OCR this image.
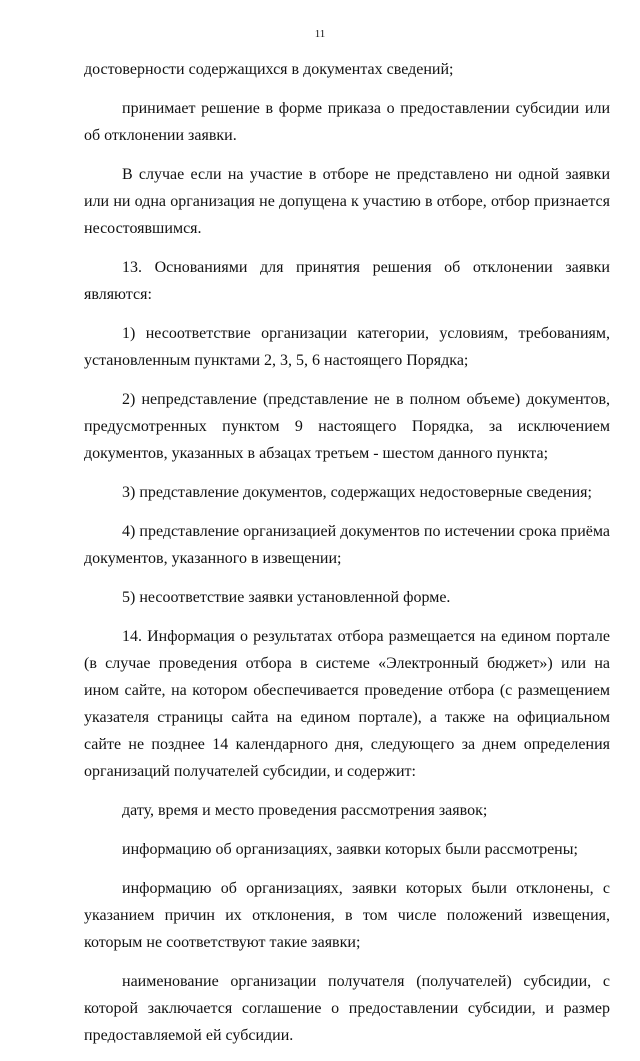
11

достоверности содержащихся в документах сведений;

принимает решение в форме приказа о предоставлении субсидии или об отклонении заявки.

В случае если на участие в отборе не представлено ни одной заявки или ни одна организация не допущена к участию в отборе, отбор признается несостоявшимся.

13. Основаниями для принятия решения об отклонении заявки являются:

1) несоответствие организации категории, условиям, требованиям, установленным пунктами 2, 3, 5, 6 настоящего Порядка;

2) непредставление (представление не в полном объеме) документов, предусмотренных пунктом 9 настоящего Порядка, за исключением документов, указанных в абзацах третьем - шестом данного пункта;

3) представление документов, содержащих недостоверные сведения;

4) представление организацией документов по истечении срока приёма документов, указанного в извещении;

5) несоответствие заявки установленной форме.

14. Информация о результатах отбора размещается на едином портале (в случае проведения отбора в системе «Электронный бюджет») или на ином сайте, на котором обеспечивается проведение отбора (с размещением указателя страницы сайта на едином портале), а также на официальном сайте не позднее 14 календарного дня, следующего за днем определения организаций получателей субсидии, и содержит:

дату, время и место проведения рассмотрения заявок;

информацию об организациях, заявки которых были рассмотрены;

информацию об организациях, заявки которых были отклонены, с указанием причин их отклонения, в том числе положений извещения, которым не соответствуют такие заявки;

наименование организации получателя (получателей) субсидии, с которой заключается соглашение о предоставлении субсидии, и размер предоставляемой ей субсидии.
